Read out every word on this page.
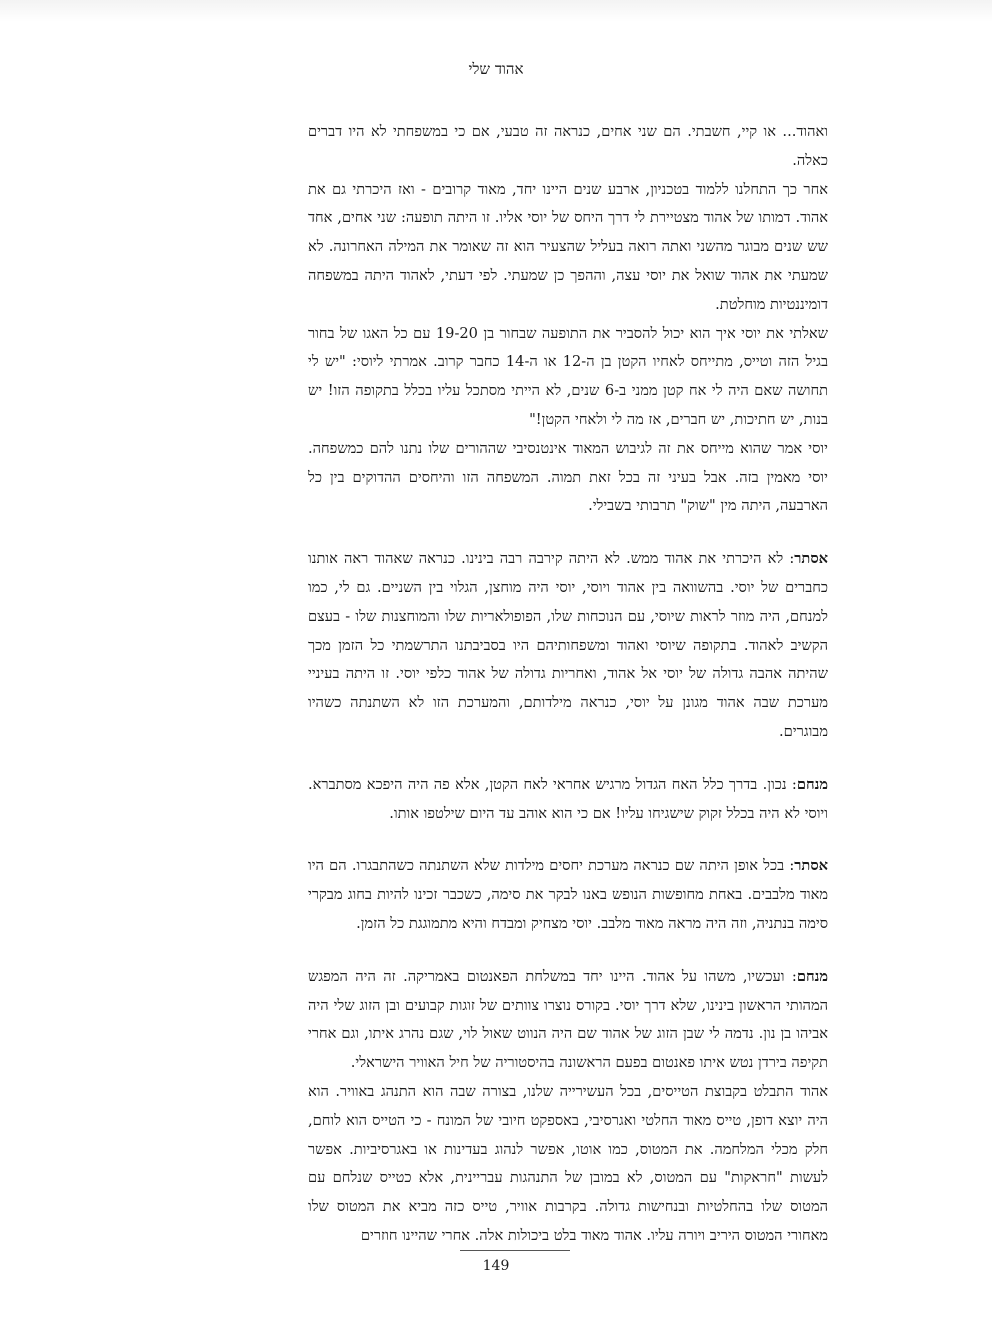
אהוד שלי

ואהוד... או קיי, חשבתי. הם שני אחים, כנראה זה טבעי, אם כי במשפחתי לא היו דברים כאלה.

אחר כך התחלנו ללמוד בטכניון, ארבע שנים היינו יחד, מאוד קרובים - ואז היכרתי גם את אהוד. דמותו של אהוד מצטיירת לי דרך היחס של יוסי אליו. זו היתה תופעה: שני אחים, אחד שש שנים מבוגר מהשני ואתה רואה בעליל שהצעיר הוא זה שאומר את המילה האחרונה. לא שמעתי את אהוד שואל את יוסי עצה, וההפך כן שמעתי. לפי דעתי, לאהוד היתה במשפחה דומיננטיות מוחלטת.

שאלתי את יוסי איך הוא יכול להסביר את התופעה שבחור בן 19-20 עם כל האגו של בחור בגיל הזה וטייס, מתייחס לאחיו הקטן בן ה-12 או ה-14 כחבר קרוב. אמרתי ליוסי: "יש לי תחושה שאם היה לי אח קטן ממני ב-6 שנים, לא הייתי מסתכל עליו בכלל בתקופה הזו! יש בנות, יש חתיכות, יש חברים, אז מה לי ולאחי הקטן!"

יוסי אמר שהוא מייחס את זה לגיבוש המאוד אינטנסיבי שההורים שלו נתנו להם כמשפחה. יוסי מאמין בזה. אבל בעיני זה בכל זאת תמוה. המשפחה הזו והיחסים ההדוקים בין כל הארבעה, היתה מין "שוק" תרבותי בשבילי.

אסתר: לא היכרתי את אהוד ממש. לא היתה קירבה רבה בינינו. כנראה שאהוד ראה אותנו כחברים של יוסי. בהשוואה בין אהוד ויוסי, יוסי היה מוחצן, הגלוי בין השניים. גם לי, כמו למנחם, היה מוזר לראות שיוסי, עם הנוכחות שלו, הפופולאריות שלו והמוחצנות שלו - בעצם הקשיב לאהוד. בתקופה שיוסי ואהוד ומשפחותיהם היו בסביבתנו התרשמתי כל הזמן מכך שהיתה אהבה גדולה של יוסי אל אהוד, ואחריות גדולה של אהוד כלפי יוסי. זו היתה בעיניי מערכת שבה אהוד מגונן על יוסי, כנראה מילדותם, והמערכת הזו לא השתנתה כשהיו מבוגרים.

מנחם: נכון. בדרך כלל האח הגדול מרגיש אחראי לאח הקטן, אלא פה היה היפכא מסתברא. ויוסי לא היה בכלל זקוק שישגיחו עליו! אם כי הוא אוהב עד היום שילטפו אותו.

אסתר: בכל אופן היתה שם כנראה מערכת יחסים מילדות שלא השתנתה כשהתבגרו. הם היו מאוד מלבבים. באחת מחופשות הנופש באנו לבקר את סימה, כשכבר זכינו להיות בחוג מבקרי סימה בנתניה, וזה היה מראה מאוד מלבב. יוסי מצחיק ומבדח והיא מתמוגגת כל הזמן.

מנחם: ועכשיו, משהו על אהוד. היינו יחד במשלחת הפאנטום באמריקה. זה היה המפגש המהותי הראשון בינינו, שלא דרך יוסי. בקורס נוצרו צוותים של זוגות קבועים ובן הזוג שלי היה אביהו בן נון. נדמה לי שבן הזוג של אהוד שם היה הנווט שאול לוי, שגם נהרג איתו, וגם אחרי תקיפה בירדן נטש איתו פאנטום בפעם הראשונה בהיסטוריה של חיל האוויר הישראלי.

אהוד התבלט בקבוצת הטייסים, בכל העשירייה שלנו, בצורה שבה הוא התנהג באוויר. הוא היה יוצא דופן, טייס מאוד החלטי ואגרסיבי, באספקט חיובי של המונח - כי הטייס הוא לוחם, חלק מכלי המלחמה. את המטוס, כמו אוטו, אפשר לנהוג בעדינות או באגרסיביות. אפשר לעשות "חראקות" עם המטוס, לא במובן של התנהגות עבריינית, אלא כטייס שנלחם עם המטוס שלו בהחלטיות ובנחישות גדולה. בקרבות אוויר, טייס כזה מביא את המטוס שלו מאחורי המטוס היריב ויורה עליו. אהוד מאוד בלט ביכולות אלה. אחרי שהיינו חוזרים

149
